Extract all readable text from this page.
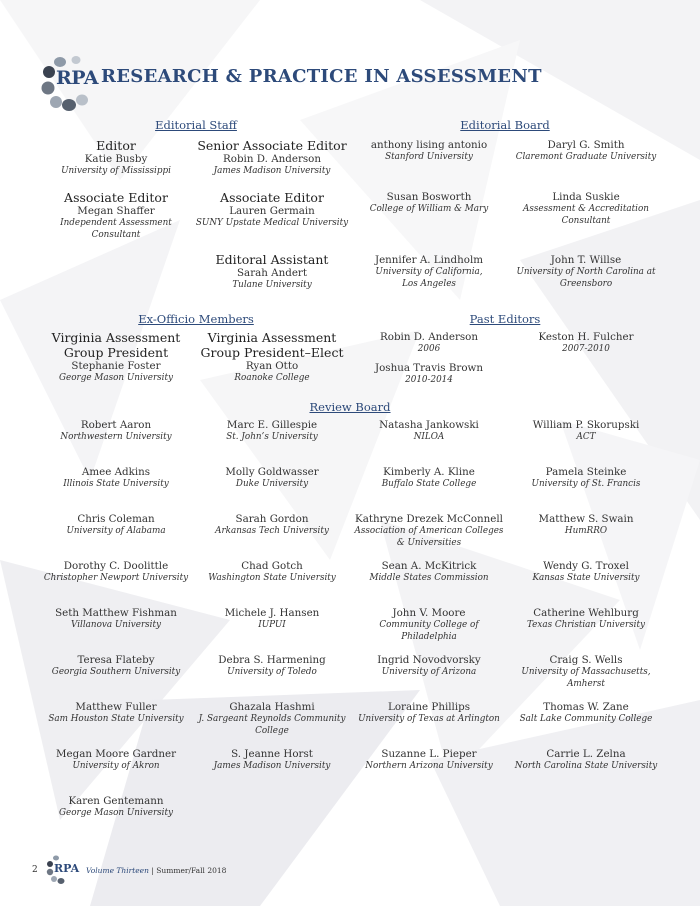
RPA RESEARCH & PRACTICE IN ASSESSMENT
Editorial Staff	Editorial Board
Ex-Officio Members	Past Editors
Review Board
Editor
Katie Busby
University of Mississippi
Senior Associate Editor
Robin D. Anderson
James Madison University
Associate Editor
Megan Shaffer
Independent Assessment Consultant
Associate Editor
Lauren Germain
SUNY Upstate Medical University
Editoral Assistant
Sarah Andert
Tulane University
anthony lising antonio
Stanford University
Daryl G. Smith
Claremont Graduate University
Susan Bosworth
College of William & Mary
Linda Suskie
Assessment & Accreditation Consultant
Jennifer A. Lindholm
University of California, Los Angeles
John T. Willse
University of North Carolina at Greensboro
Virginia Assessment Group President
Stephanie Foster
George Mason University
Virginia Assessment Group President–Elect
Ryan Otto
Roanoke College
Robin D. Anderson
2006
Keston H. Fulcher
2007-2010
Joshua Travis Brown
2010-2014
Robert Aaron
Northwestern University
Marc E. Gillespie
St. John’s University
Natasha Jankowski
NILOA
William P. Skorupski
ACT
Amee Adkins
Illinois State University
Molly Goldwasser
Duke University
Kimberly A. Kline
Buffalo State College
Pamela Steinke
University of St. Francis
Chris Coleman
University of Alabama
Sarah Gordon
Arkansas Tech University
Kathryne Drezek McConnell
Association of American Colleges & Universities
Matthew S. Swain
HumRRO
Dorothy C. Doolittle
Christopher Newport University
Chad Gotch
Washington State University
Sean A. McKitrick
Middle States Commission
Wendy G. Troxel
Kansas State University
Seth Matthew Fishman
Villanova University
Michele J. Hansen
IUPUI
John V. Moore
Community College of Philadelphia
Catherine Wehlburg
Texas Christian University
Teresa Flateby
Georgia Southern University
Debra S. Harmening
University of Toledo
Ingrid Novodvorsky
University of Arizona
Craig S. Wells
University of Massachusetts, Amherst
Matthew Fuller
Sam Houston State University
Ghazala Hashmi
J. Sargeant Reynolds Community College
Loraine Phillips
University of Texas at Arlington
Thomas W. Zane
Salt Lake Community College
Megan Moore Gardner
University of Akron
S. Jeanne Horst
James Madison University
Suzanne L. Pieper
Northern Arizona University
Carrie L. Zelna
North Carolina State University
Karen Gentemann
George Mason University
2 RPA Volume Thirteen | Summer/Fall 2018
